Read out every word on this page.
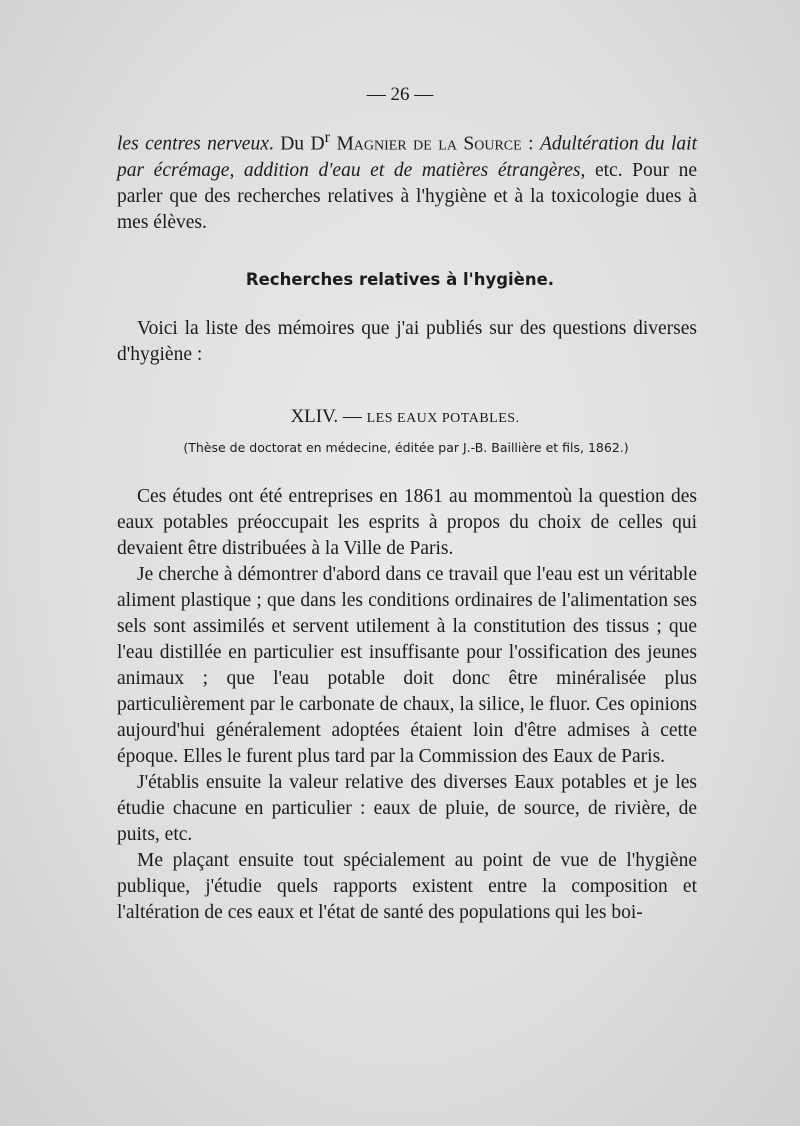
— 26 —

les centres nerveux. Du $D^r$ Magnier de la Source : Adultération du lait par écrémage, addition d'eau et de matières étrangères, etc. Pour ne parler que des recherches relatives à l'hygiène et à la toxicologie dues à mes élèves.

Recherches relatives à l'hygiène.

Voici la liste des mémoires que j'ai publiés sur des questions diverses d'hygiène :

XLIV. — LES EAUX POTABLES.
(Thèse de doctorat en médecine, éditée par J.-B. Baillière et fils, 1862.)

Ces études ont été entreprises en 1861 au mommentoù la question des eaux potables préoccupait les esprits à propos du choix de celles qui devaient être distribuées à la Ville de Paris.

Je cherche à démontrer d'abord dans ce travail que l'eau est un véritable aliment plastique ; que dans les conditions ordinaires de l'alimentation ses sels sont assimilés et servent utilement à la constitution des tissus ; que l'eau distillée en particulier est insuffisante pour l'ossification des jeunes animaux ; que l'eau potable doit donc être minéralisée plus particulièrement par le carbonate de chaux, la silice, le fluor. Ces opinions aujourd'hui généralement adoptées étaient loin d'être admises à cette époque. Elles le furent plus tard par la Commission des Eaux de Paris.

J'établis ensuite la valeur relative des diverses Eaux potables et je les étudie chacune en particulier : eaux de pluie, de source, de rivière, de puits, etc.

Me plaçant ensuite tout spécialement au point de vue de l'hygiène publique, j'étudie quels rapports existent entre la composition et l'altération de ces eaux et l'état de santé des populations qui les boi-
